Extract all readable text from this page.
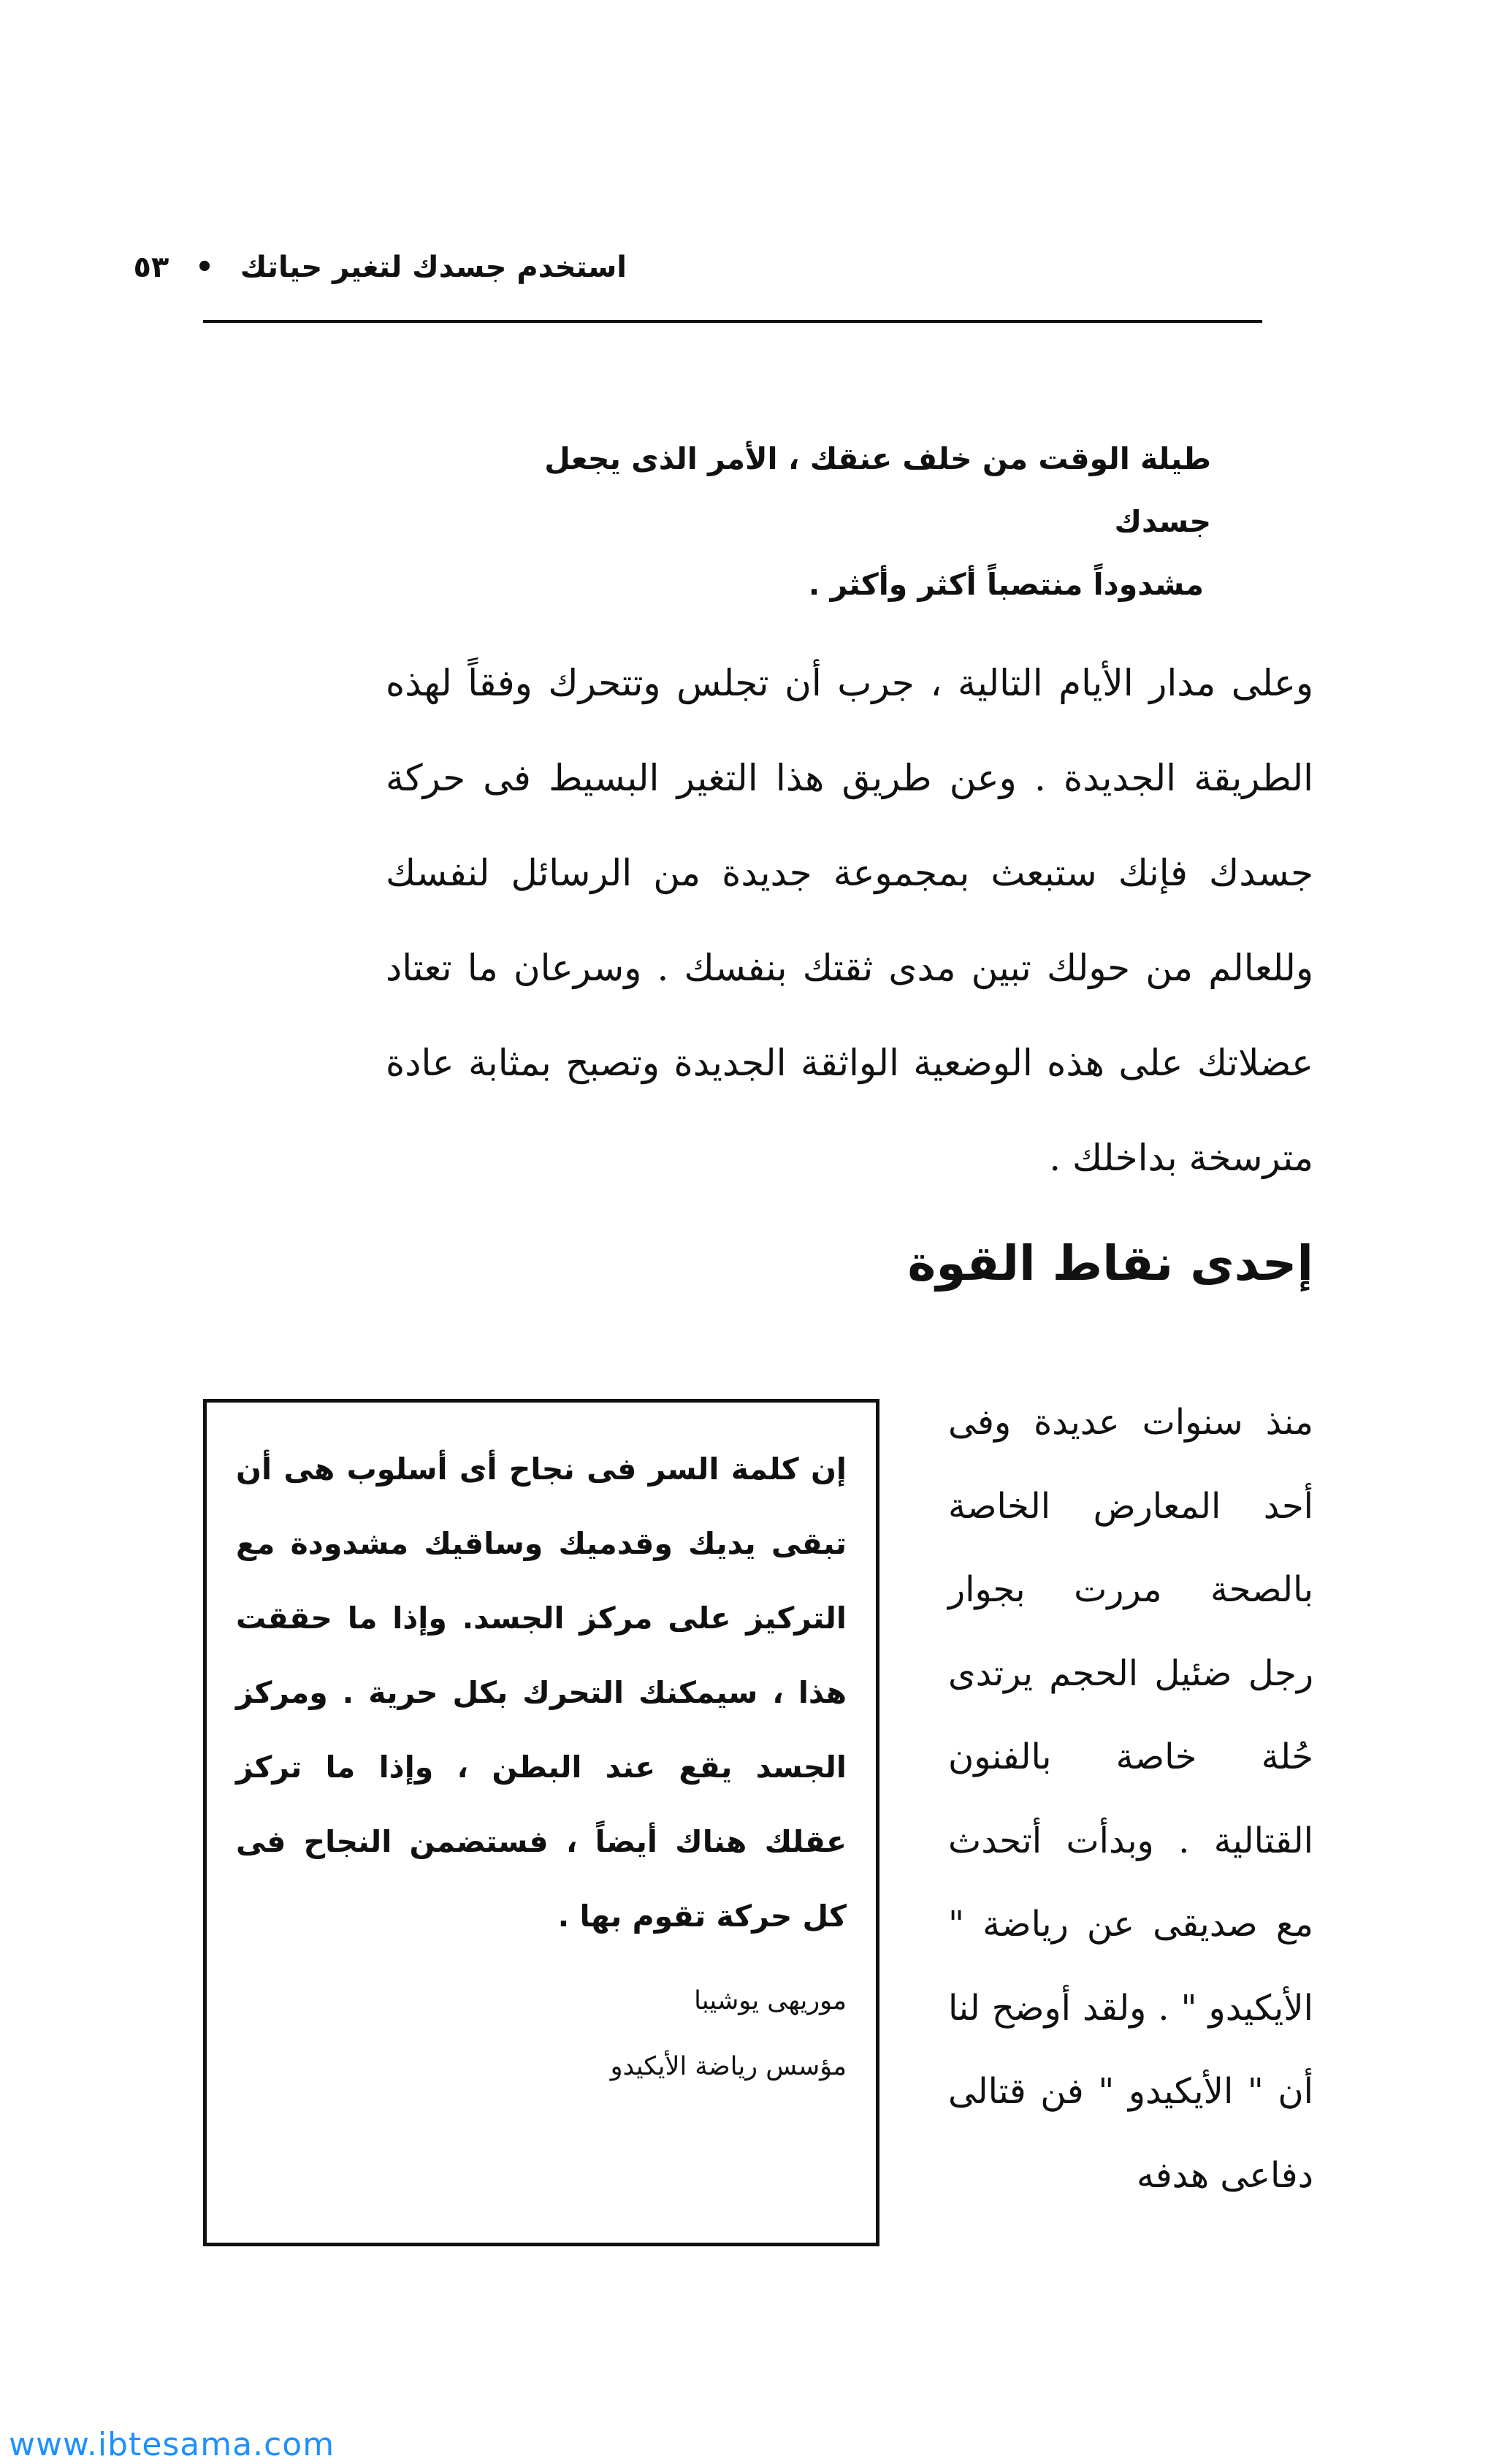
استخدم جسدك لتغير حياتك • ٥٣

طيلة الوقت من خلف عنقك ، الأمر الذى يجعل جسدك

مشدوداً منتصباً أكثر وأكثر .

وعلى مدار الأيام التالية ، جرب أن تجلس وتتحرك وفقاً لهذه الطريقة الجديدة . وعن طريق هذا التغير البسيط فى حركة جسدك فإنك ستبعث بمجموعة جديدة من الرسائل لنفسك وللعالم من حولك تبين مدى ثقتك بنفسك . وسرعان ما تعتاد عضلاتك على هذه الوضعية الواثقة الجديدة وتصبح بمثابة عادة مترسخة بداخلك .

إحدى نقاط القوة

منذ سنوات عديدة وفى أحد المعارض الخاصة بالصحة مررت بجوار رجل ضئيل الحجم يرتدى حُلة خاصة بالفنون القتالية . وبدأت أتحدث مع صديقى عن رياضة " الأيكيدو " . ولقد أوضح لنا أن " الأيكيدو " فن قتالى دفاعى هدفه

إن كلمة السر فى نجاح أى أسلوب هى أن تبقى يديك وقدميك وساقيك مشدودة مع التركيز على مركز الجسد. وإذا ما حققت هذا ، سيمكنك التحرك بكل حرية . ومركز الجسد يقع عند البطن ، وإذا ما تركز عقلك هناك أيضاً ، فستضمن النجاح فى كل حركة تقوم بها .

موريهى يوشيبا

مؤسس رياضة الأيكيدو

www.ibtesama.com
